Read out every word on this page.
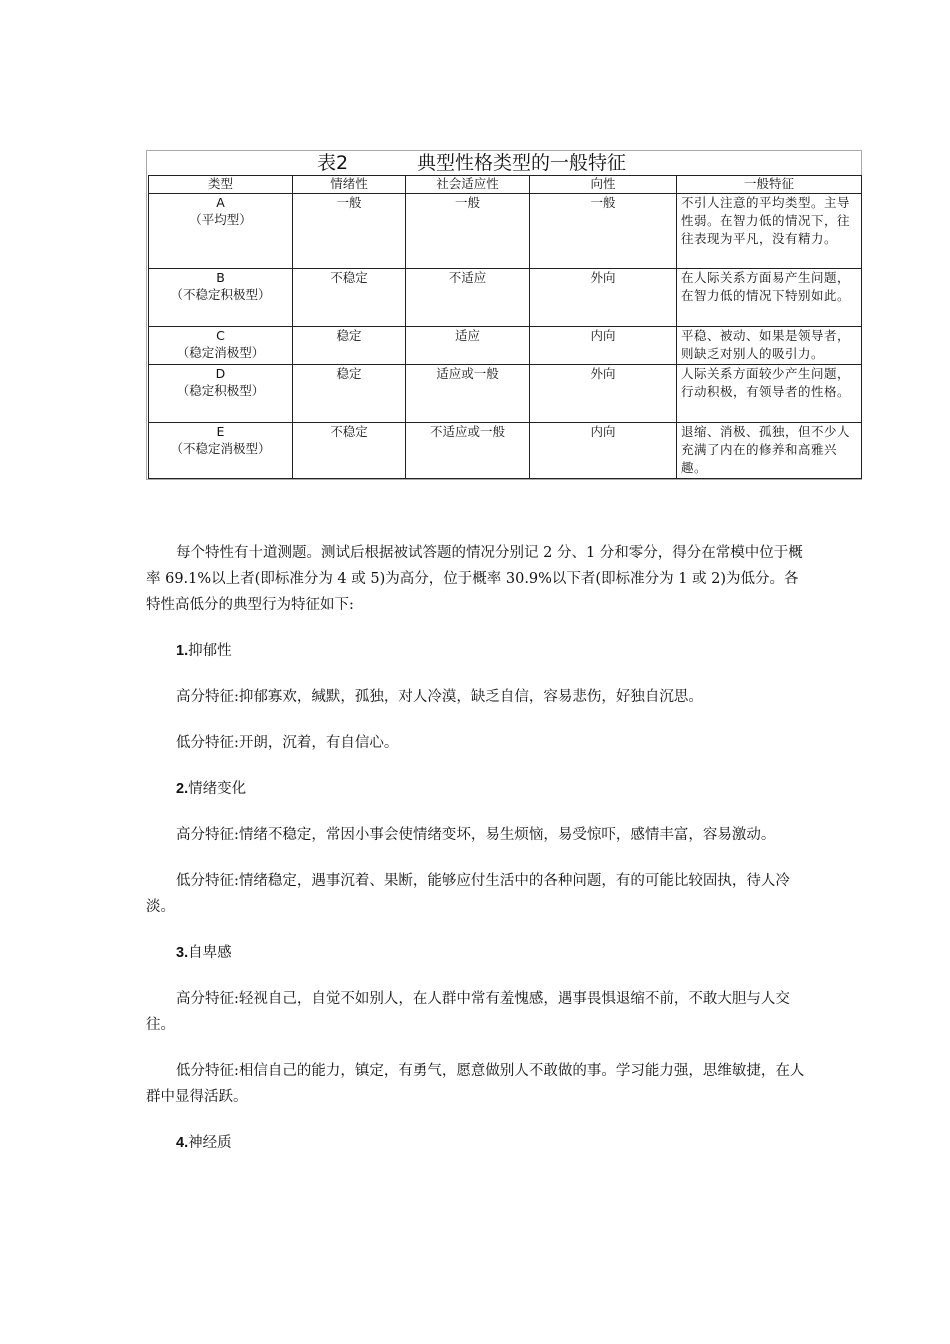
表2	典型性格类型的一般特征
类型	情绪性	社会适应性	向性	一般特征

A
（平均型）	一般	一般	一般	不引人注意的平均类型。主导性弱。在智力低的情况下，往往表现为平凡，没有精力。

B
（不稳定积极型）	不稳定	不适应	外向	在人际关系方面易产生问题，在智力低的情况下特别如此。

C
（稳定消极型）	稳定	适应	内向	平稳、被动、如果是领导者，则缺乏对别人的吸引力。

D
（稳定积极型）	稳定	适应或一般	外向	人际关系方面较少产生问题，行动积极，有领导者的性格。

E
（不稳定消极型）	不稳定	不适应或一般	内向	退缩、消极、孤独，但不少人充满了内在的修养和高雅兴趣。

每个特性有十道测题。测试后根据被试答题的情况分别记 2 分、1 分和零分，得分在常模中位于概率 69.1%以上者(即标准分为 4 或 5)为高分，位于概率 30.9%以下者(即标准分为 1 或 2)为低分。各特性高低分的典型行为特征如下:

1.抑郁性

高分特征:抑郁寡欢，缄默，孤独，对人冷漠，缺乏自信，容易悲伤，好独自沉思。

低分特征:开朗，沉着，有自信心。

2.情绪变化

高分特征:情绪不稳定，常因小事会使情绪变坏，易生烦恼，易受惊吓，感情丰富，容易激动。

低分特征:情绪稳定，遇事沉着、果断，能够应付生活中的各种问题，有的可能比较固执，待人冷淡。

3.自卑感

高分特征:轻视自己，自觉不如别人，在人群中常有羞愧感，遇事畏惧退缩不前，不敢大胆与人交往。

低分特征:相信自己的能力，镇定，有勇气，愿意做别人不敢做的事。学习能力强，思维敏捷，在人群中显得活跃。

4.神经质
